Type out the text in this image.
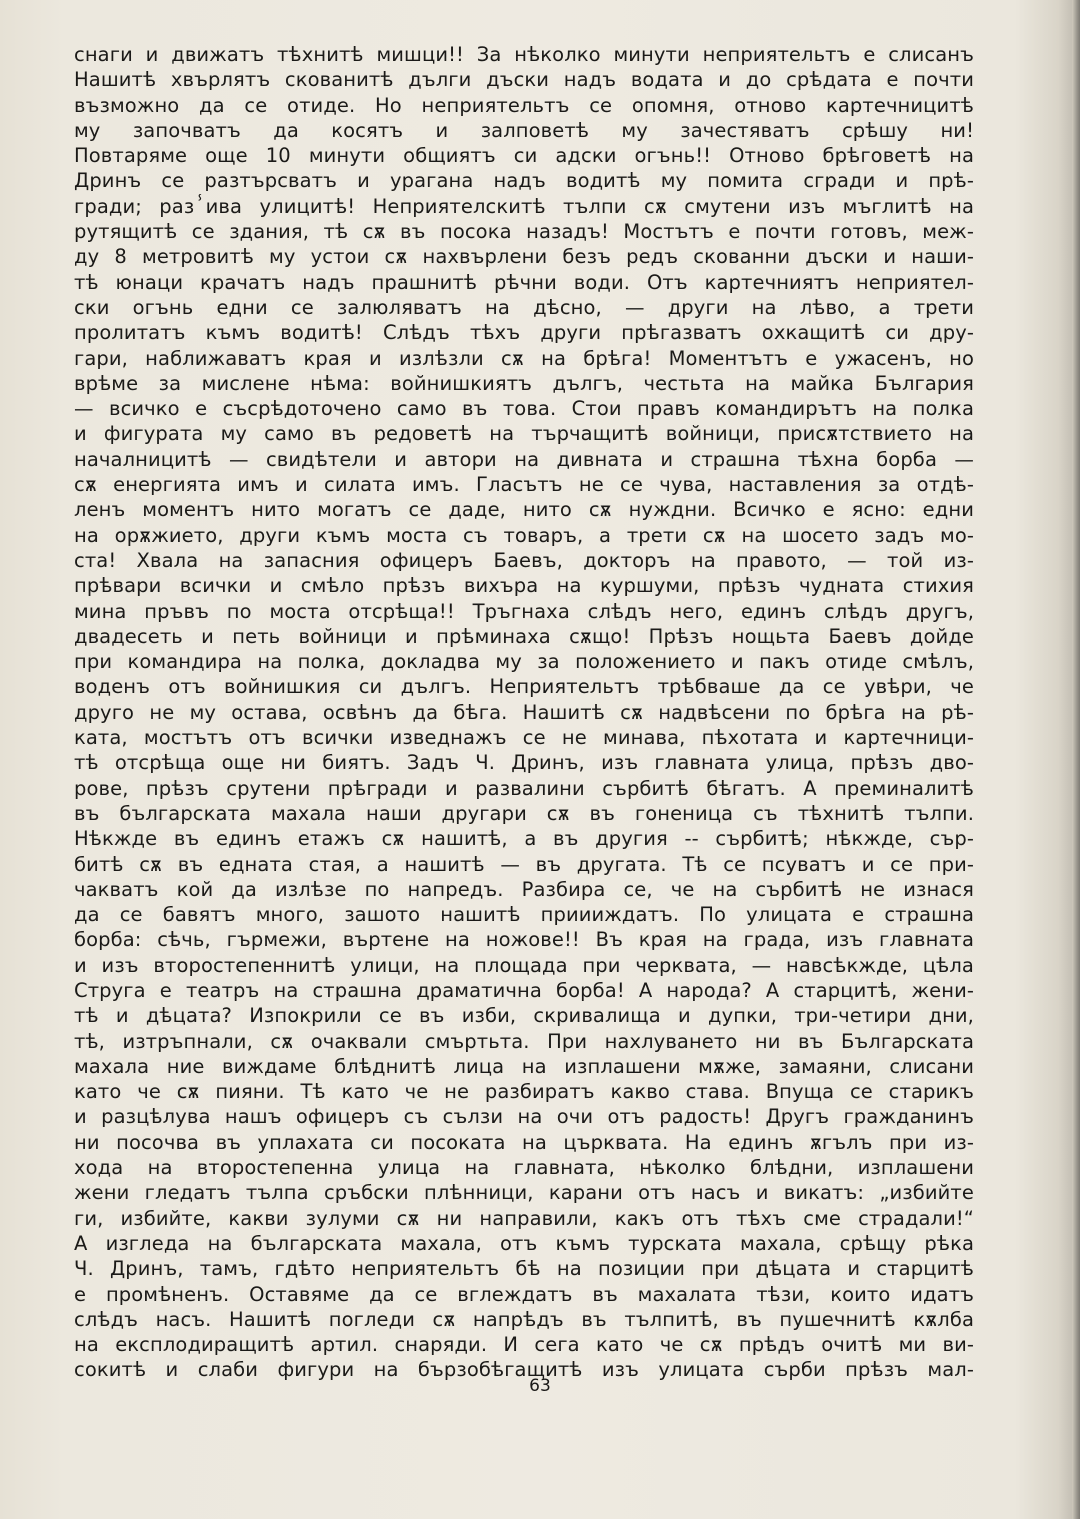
снаги и движатъ тѣхнитѣ мишци!! За нѣколко минути неприятельтъ е слисанъ
Нашитѣ хвърлятъ скованитѣ дълги дъски надъ водата и до срѣдата е почти
възможно да се отиде. Но неприятельтъ се опомня, отново картечницитѣ
му започватъ да косятъ и залповетѣ му зачестяватъ срѣшу ни!
Повтаряме още 10 минути общиятъ си адски огънь!! Отново брѣговетѣ на
Дринъ се разтърсватъ и урагана надъ водитѣ му помита сгради и прѣ-
гради; разⸯива улицитѣ! Неприятелскитѣ тълпи сѫ смутени изъ мъглитѣ на
рутящитѣ се здания, тѣ сѫ въ посока назадъ! Мостътъ е почти готовъ, меж-
ду 8 метровитѣ му устои сѫ нахвърлени безъ редъ скованни дъски и наши-
тѣ юнаци крачатъ надъ прашнитѣ рѣчни води. Отъ картечниятъ неприятел-
ски огънь едни се залюляватъ на дѣсно, — други на лѣво, а трети
пролитатъ къмъ водитѣ! Слѣдъ тѣхъ други прѣгазватъ охкащитѣ си дру-
гари, наближаватъ края и излѣзли сѫ на брѣга! Моментътъ е ужасенъ, но
врѣме за мислене нѣма: войнишкиятъ дългъ, честьта на майка България
— всичко е съсрѣдоточено само въ това. Стои правъ командирътъ на полка
и фигурата му само въ редоветѣ на търчащитѣ войници, присѫтствието на
началницитѣ — свидѣтели и автори на дивната и страшна тѣхна борба —
сѫ енергията имъ и силата имъ. Гласътъ не се чува, наставления за отдѣ-
ленъ моментъ нито могатъ се даде, нито сѫ нуждни. Всичко е ясно: едни
на орѫжието, други къмъ моста съ товаръ, а трети сѫ на шосето задъ мо-
ста! Хвала на запасния офицеръ Баевъ, докторъ на правото, — той из-
прѣвари всички и смѣло прѣзъ вихъра на куршуми, прѣзъ чудната стихия
мина пръвъ по моста отсрѣща!! Тръгнаха слѣдъ него, единъ слѣдъ другъ,
двадесеть и петь войници и прѣминаха сѫщо! Прѣзъ нощьта Баевъ дойде
при командира на полка, докладва му за положението и пакъ отиде смѣлъ,
воденъ отъ войнишкия си дългъ. Неприятельтъ трѣбваше да се увѣри, че
друго не му остава, освѣнъ да бѣга. Нашитѣ сѫ надвѣсени по брѣга на рѣ-
ката, мостътъ отъ всички изведнажъ се не минава, пѣхотата и картечници-
тѣ отсрѣща още ни биятъ. Задъ Ч. Дринъ, изъ главната улица, прѣзъ дво-
рове, прѣзъ срутени прѣгради и развалини сърбитѣ бѣгатъ. А преминалитѣ
въ българската махала наши другари сѫ въ гоненица съ тѣхнитѣ тълпи.
Нѣкжде въ единъ етажъ сѫ нашитѣ, а въ другия -- сърбитѣ; нѣкжде, сър-
битѣ сѫ въ едната стая, а нашитѣ — въ другата. Тѣ се псуватъ и се при-
чакватъ кой да излѣзе по напредъ. Разбира се, че на сърбитѣ не изнася
да се бавятъ много, зашото нашитѣ приииждатъ. По улицата е страшна
борба: сѣчь, гърмежи, въртене на ножове!! Въ края на града, изъ главната
и изъ второстепеннитѣ улици, на площада при черквата, — навсѣкжде, цѣла
Струга е театръ на страшна драматична борба! А народа? А старцитѣ, жени-
тѣ и дѣцата? Изпокрили се въ изби, скривалища и дупки, три-четири дни,
тѣ, изтръпнали, сѫ очаквали смъртьта. При нахлуването ни въ Българската
махала ние виждаме блѣднитѣ лица на изплашени мѫже, замаяни, слисани
като че сѫ пияни. Тѣ като че не разбиратъ какво става. Впуща се старикъ
и разцѣлува нашъ офицеръ съ сълзи на очи отъ радость! Другъ гражданинъ
ни посочва въ уплахата си посоката на църквата. На единъ ѫгълъ при из-
хода на второстепенна улица на главната, нѣколко блѣдни, изплашени
жени гледатъ тълпа сръбски плѣнници, карани отъ насъ и викатъ: „избийте
ги, избийте, какви зулуми сѫ ни направили, какъ отъ тѣхъ сме страдали!“
А изгледа на българската махала, отъ къмъ турската махала, срѣщу рѣка
Ч. Дринъ, тамъ, гдѣто неприятельтъ бѣ на позиции при дѣцата и старцитѣ
е промѣненъ. Оставяме да се вглеждатъ въ махалата тѣзи, които идатъ
слѣдъ насъ. Нашитѣ погледи сѫ напрѣдъ въ тълпитѣ, въ пушечнитѣ кѫлба
на експлодиращитѣ артил. снаряди. И сега като че сѫ прѣдъ очитѣ ми ви-
сокитѣ и слаби фигури на бързобѣгащитѣ изъ улицата сърби прѣзъ мал-
63
